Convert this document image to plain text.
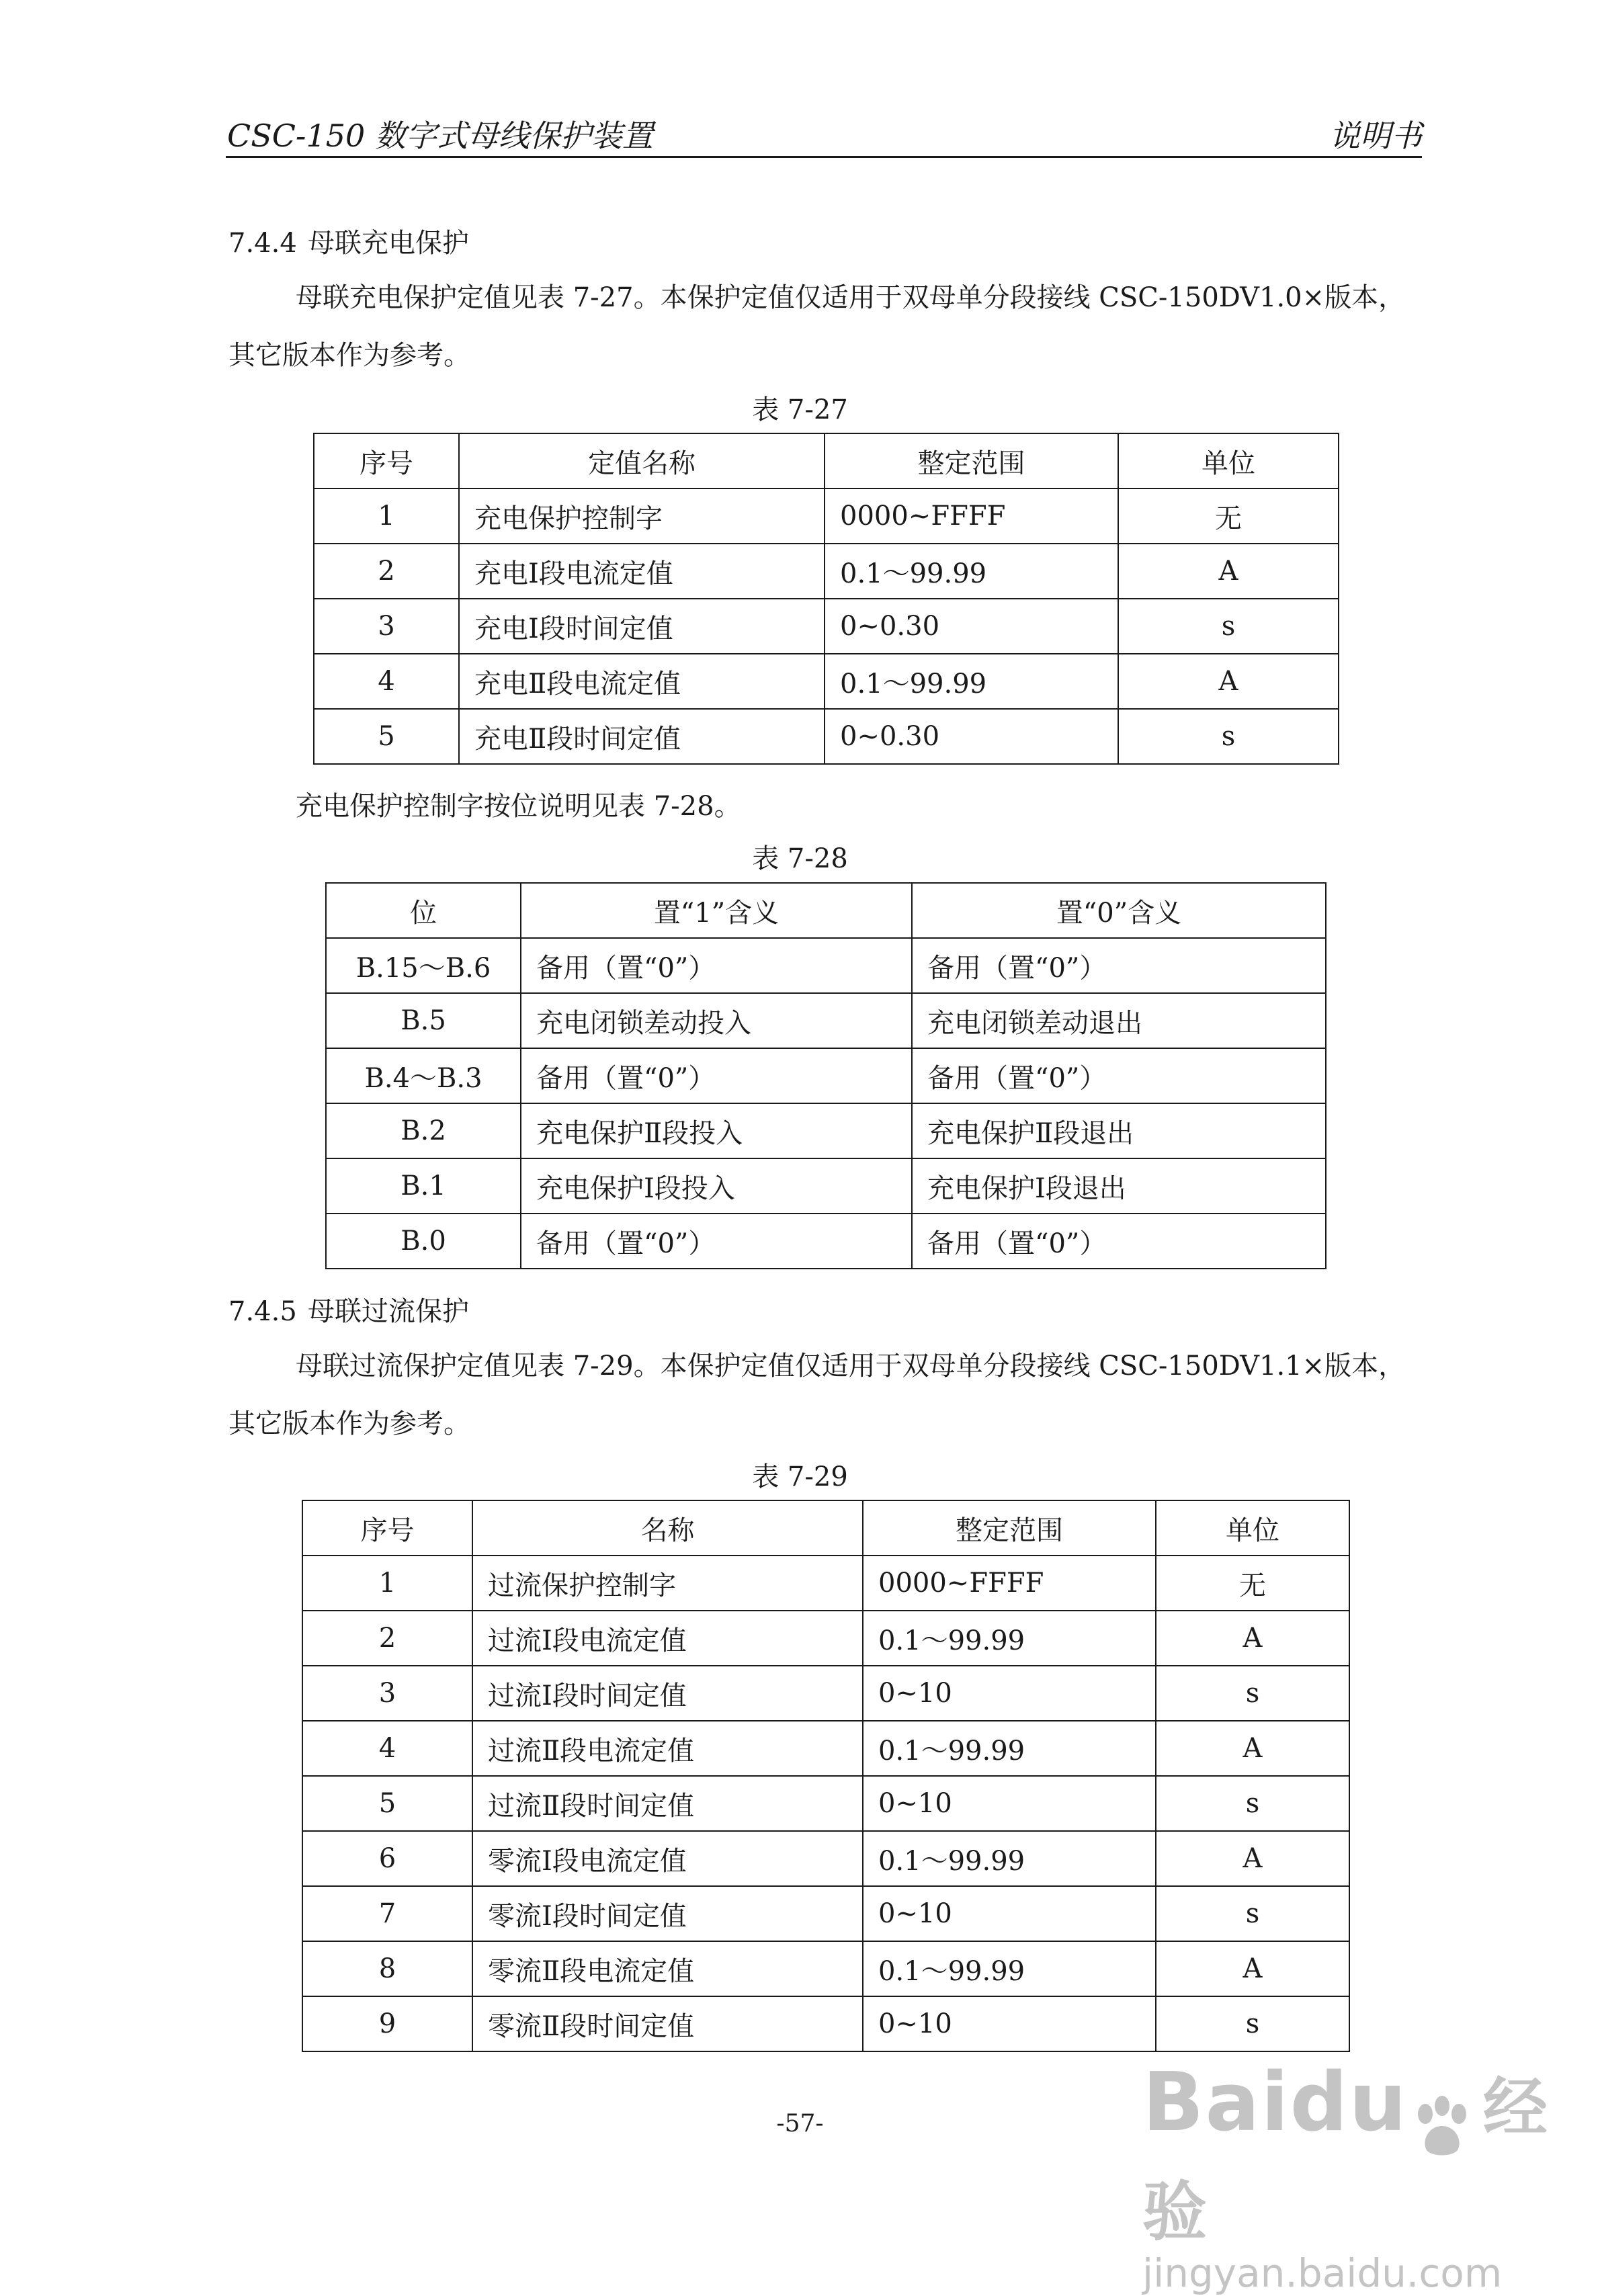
CSC-150 数字式母线保护装置	说明书
7.4.4 母联充电保护
母联充电保护定值见表 7-27。本保护定值仅适用于双母单分段接线 CSC-150DV1.0×版本，其它版本作为参考。
表 7-27
序号	定值名称	整定范围	单位
1	充电保护控制字	0000~FFFF	无
2	充电Ⅰ段电流定值	0.1～99.99	A
3	充电Ⅰ段时间定值	0~0.30	s
4	充电Ⅱ段电流定值	0.1～99.99	A
5	充电Ⅱ段时间定值	0~0.30	s
充电保护控制字按位说明见表 7-28。
表 7-28
位	置“1”含义	置“0”含义
B.15～B.6	备用（置“0”）	备用（置“0”）
B.5	充电闭锁差动投入	充电闭锁差动退出
B.4～B.3	备用（置“0”）	备用（置“0”）
B.2	充电保护Ⅱ段投入	充电保护Ⅱ段退出
B.1	充电保护Ⅰ段投入	充电保护Ⅰ段退出
B.0	备用（置“0”）	备用（置“0”）
7.4.5 母联过流保护
母联过流保护定值见表 7-29。本保护定值仅适用于双母单分段接线 CSC-150DV1.1×版本，其它版本作为参考。
表 7-29
序号	名称	整定范围	单位
1	过流保护控制字	0000~FFFF	无
2	过流Ⅰ段电流定值	0.1～99.99	A
3	过流Ⅰ段时间定值	0~10	s
4	过流Ⅱ段电流定值	0.1～99.99	A
5	过流Ⅱ段时间定值	0~10	s
6	零流Ⅰ段电流定值	0.1～99.99	A
7	零流Ⅰ段时间定值	0~10	s
8	零流Ⅱ段电流定值	0.1～99.99	A
9	零流Ⅱ段时间定值	0~10	s
-57-	Baidu 经验
jingyan.baidu.com
